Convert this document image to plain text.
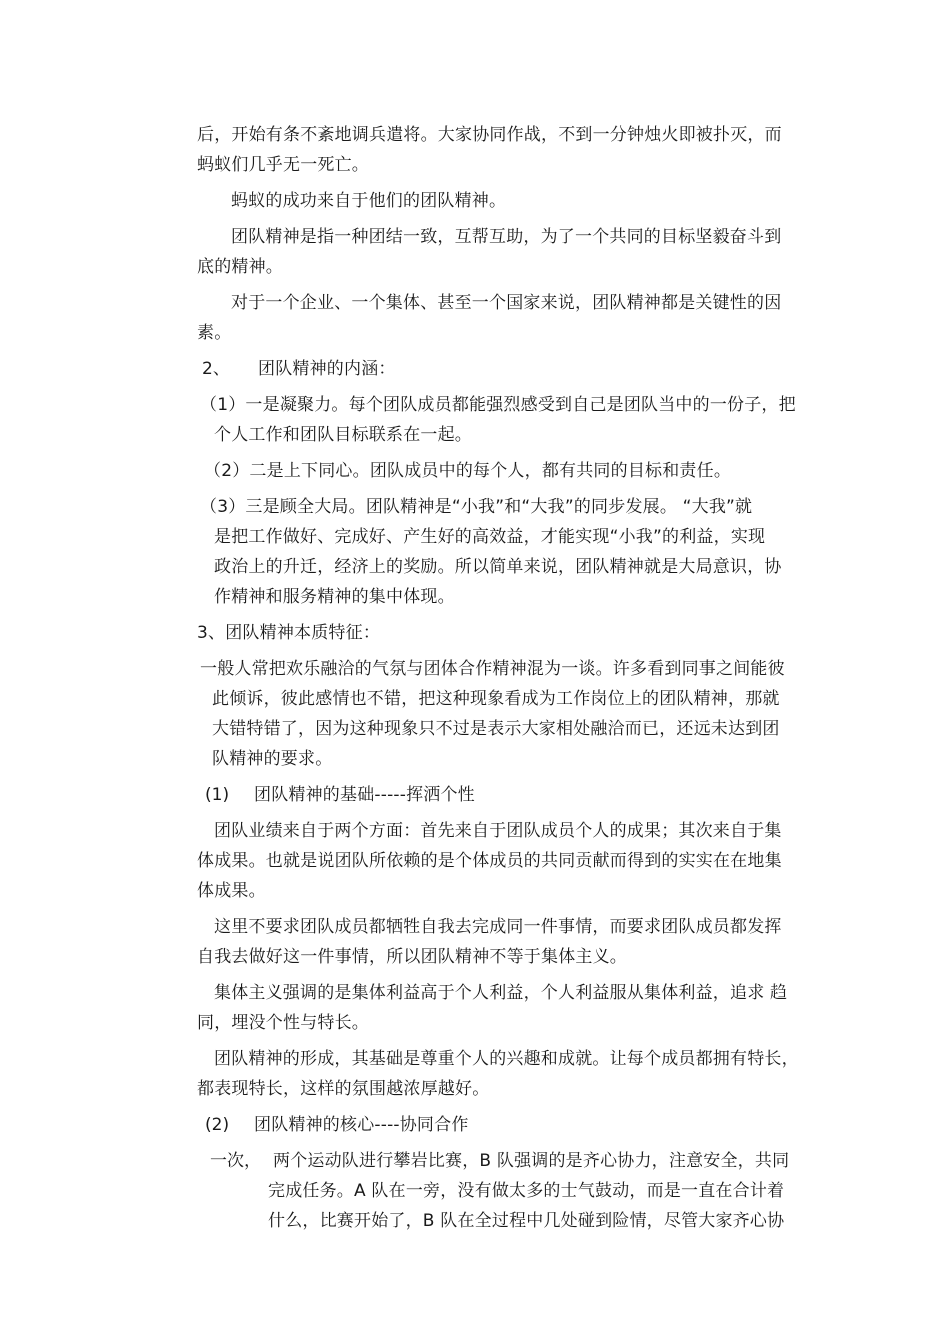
后，开始有条不紊地调兵遣将。大家协同作战，不到一分钟烛火即被扑灭，而
蚂蚁们几乎无一死亡。
蚂蚁的成功来自于他们的团队精神。
团队精神是指一种团结一致，互帮互助，为了一个共同的目标坚毅奋斗到
底的精神。
对于一个企业、一个集体、甚至一个国家来说，团队精神都是关键性的因
素。
2、 团队精神的内涵：
（1）一是凝聚力。每个团队成员都能强烈感受到自己是团队当中的一份子，把
个人工作和团队目标联系在一起。
（2）二是上下同心。团队成员中的每个人，都有共同的目标和责任。
（3）三是顾全大局。团队精神是“小我”和“大我”的同步发展。 “大我”就
是把工作做好、完成好、产生好的高效益，才能实现“小我”的利益，实现
政治上的升迁，经济上的奖励。所以简单来说，团队精神就是大局意识，协
作精神和服务精神的集中体现。
3、团队精神本质特征：
一般人常把欢乐融洽的气氛与团体合作精神混为一谈。许多看到同事之间能彼
此倾诉，彼此感情也不错，把这种现象看成为工作岗位上的团队精神，那就
大错特错了，因为这种现象只不过是表示大家相处融洽而已，还远未达到团
队精神的要求。
(1) 团队精神的基础-----挥洒个性
团队业绩来自于两个方面：首先来自于团队成员个人的成果；其次来自于集
体成果。也就是说团队所依赖的是个体成员的共同贡献而得到的实实在在地集
体成果。
这里不要求团队成员都牺牲自我去完成同一件事情，而要求团队成员都发挥
自我去做好这一件事情，所以团队精神不等于集体主义。
集体主义强调的是集体利益高于个人利益，个人利益服从集体利益，追求 趋
同，埋没个性与特长。
团队精神的形成，其基础是尊重个人的兴趣和成就。让每个成员都拥有特长，
都表现特长，这样的氛围越浓厚越好。
(2) 团队精神的核心----协同合作
一次， 两个运动队进行攀岩比赛，B 队强调的是齐心协力，注意安全，共同
完成任务。A 队在一旁，没有做太多的士气鼓动，而是一直在合计着
什么，比赛开始了，B 队在全过程中几处碰到险情，尽管大家齐心协
